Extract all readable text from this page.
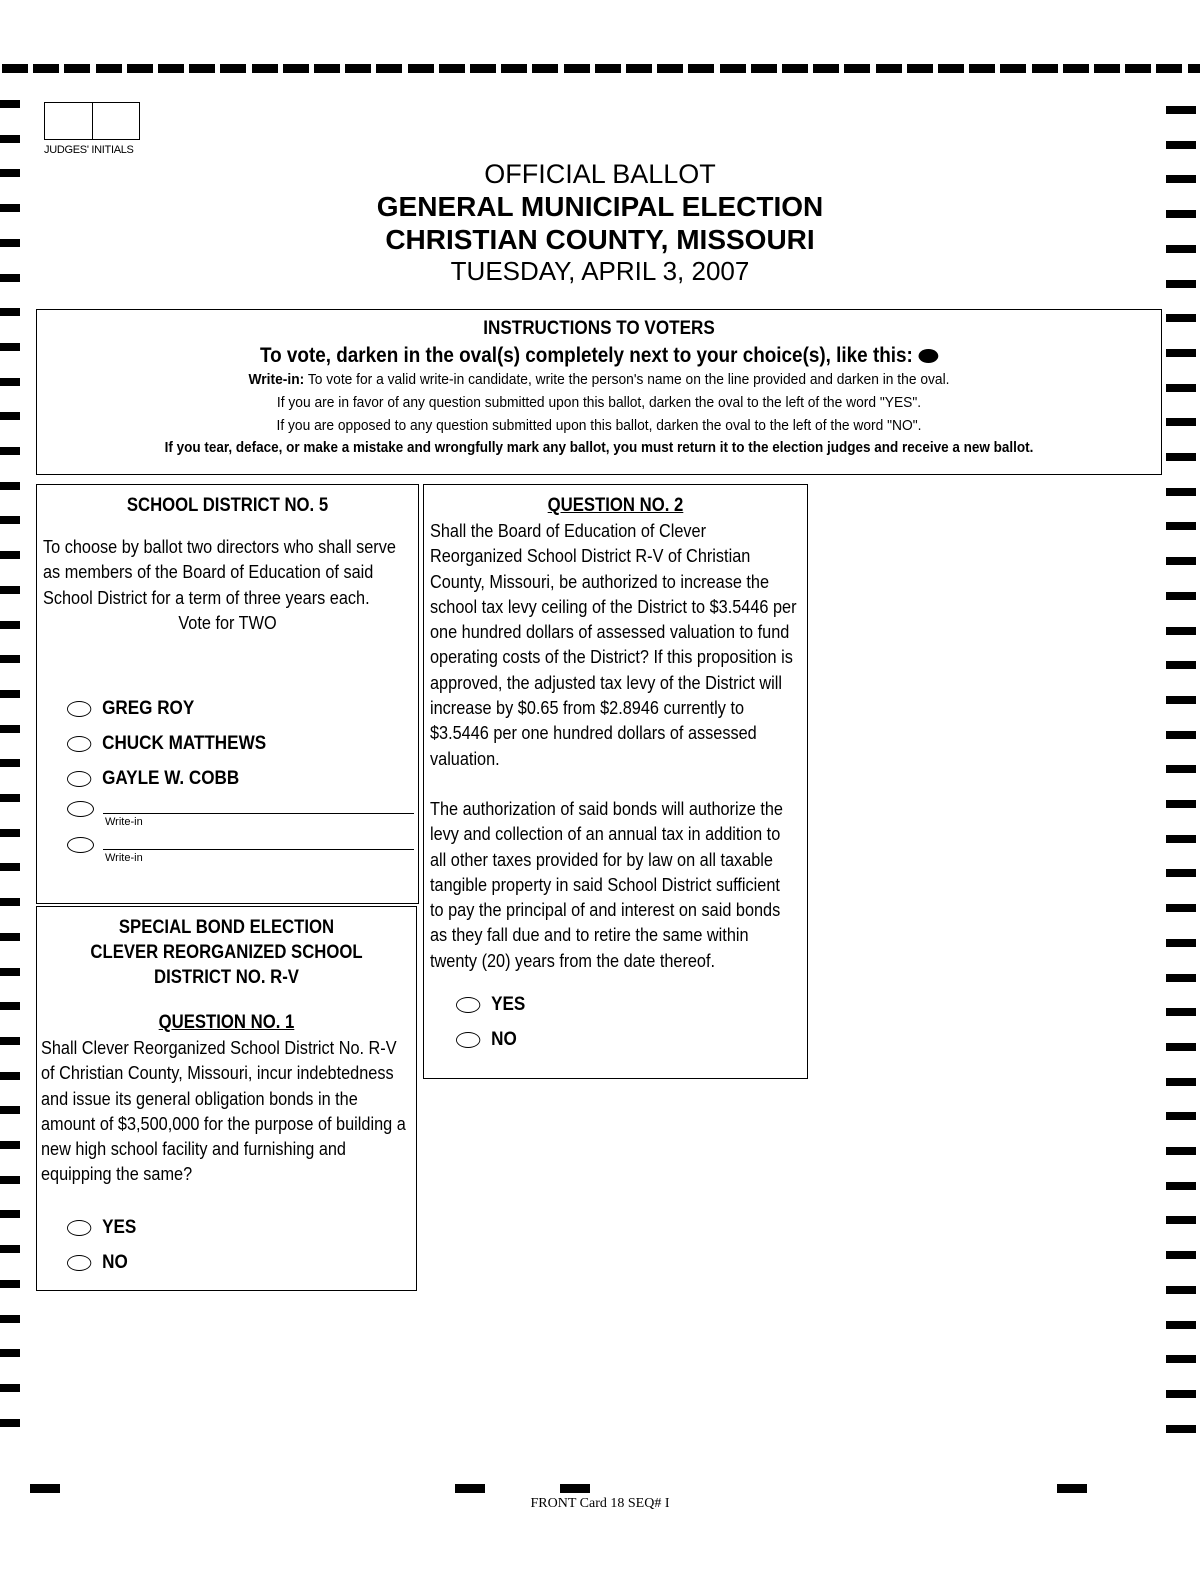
JUDGES' INITIALS
OFFICIAL BALLOT
GENERAL MUNICIPAL ELECTION
CHRISTIAN COUNTY, MISSOURI
TUESDAY, APRIL 3, 2007
INSTRUCTIONS TO VOTERS
To vote, darken in the oval(s) completely next to your choice(s), like this:
Write-in: To vote for a valid write-in candidate, write the person's name on the line provided and darken in the oval.
If you are in favor of any question submitted upon this ballot, darken the oval to the left of the word "YES".
If you are opposed to any question submitted upon this ballot, darken the oval to the left of the word "NO".
If you tear, deface, or make a mistake and wrongfully mark any ballot, you must return it to the election judges and receive a new ballot.
SCHOOL DISTRICT NO. 5
To choose by ballot two directors who shall serve as members of the Board of Education of said School District for a term of three years each.
Vote for TWO
GREG ROY
CHUCK MATTHEWS
GAYLE W. COBB
Write-in
Write-in
SPECIAL BOND ELECTION
CLEVER REORGANIZED SCHOOL
DISTRICT NO. R-V
QUESTION NO. 1
Shall Clever Reorganized School District No. R-V of Christian County, Missouri, incur indebtedness and issue its general obligation bonds in the amount of $3,500,000 for the purpose of building a new high school facility and furnishing and equipping the same?
YES
NO
QUESTION NO. 2
Shall the Board of Education of Clever Reorganized School District R-V of Christian County, Missouri, be authorized to increase the school tax levy ceiling of the District to $3.5446 per one hundred dollars of assessed valuation to fund operating costs of the District? If this proposition is approved, the adjusted tax levy of the District will increase by $0.65 from $2.8946 currently to $3.5446 per one hundred dollars of assessed valuation.
The authorization of said bonds will authorize the levy and collection of an annual tax in addition to all other taxes provided for by law on all taxable tangible property in said School District sufficient to pay the principal of and interest on said bonds as they fall due and to retire the same within twenty (20) years from the date thereof.
YES
NO
FRONT Card 18 SEQ# I
